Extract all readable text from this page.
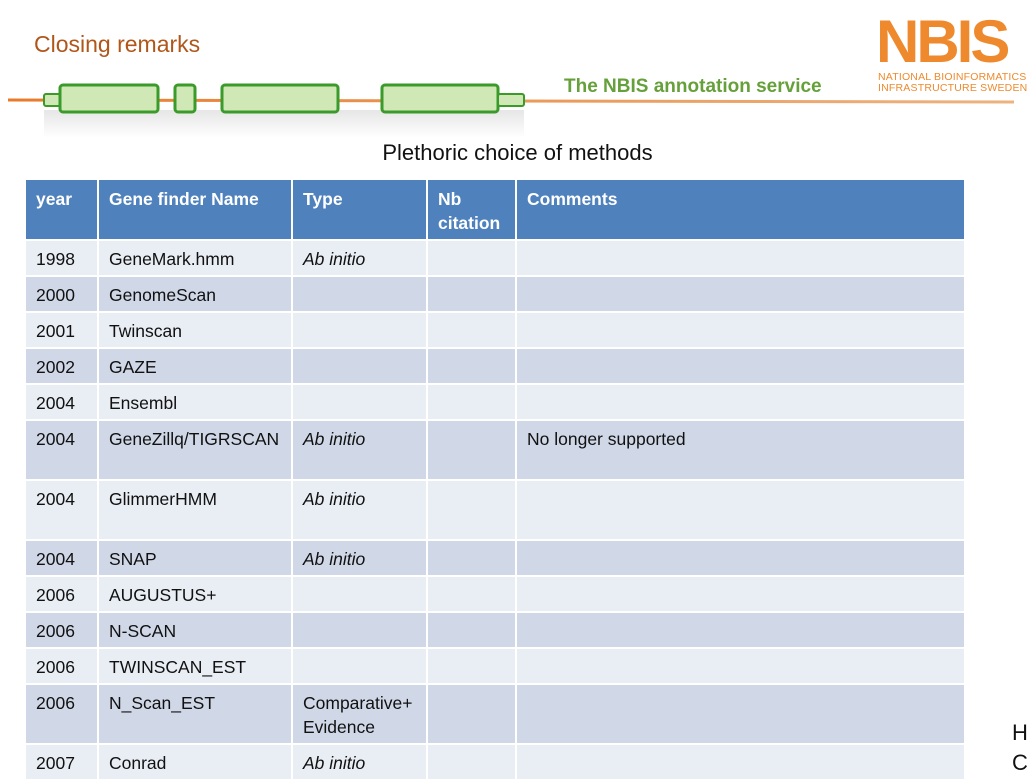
Closing remarks
The NBIS annotation service
NBIS
NATIONAL BIOINFORMATICS
INFRASTRUCTURE SWEDEN
Plethoric choice of methods
year	Gene finder Name	Type	Nb citation	Comments
1998	GeneMark.hmm	Ab initio		
2000	GenomeScan			
2001	Twinscan			
2002	GAZE			
2004	Ensembl			
2004	GeneZillq/TIGRSCAN	Ab initio		No longer supported
2004	GlimmerHMM	Ab initio		
2004	SNAP	Ab initio		
2006	AUGUSTUS+			
2006	N-SCAN			
2006	TWINSCAN_EST			
2006	N_Scan_EST	Comparative+ Evidence		
2007	Conrad	Ab initio		
H C
